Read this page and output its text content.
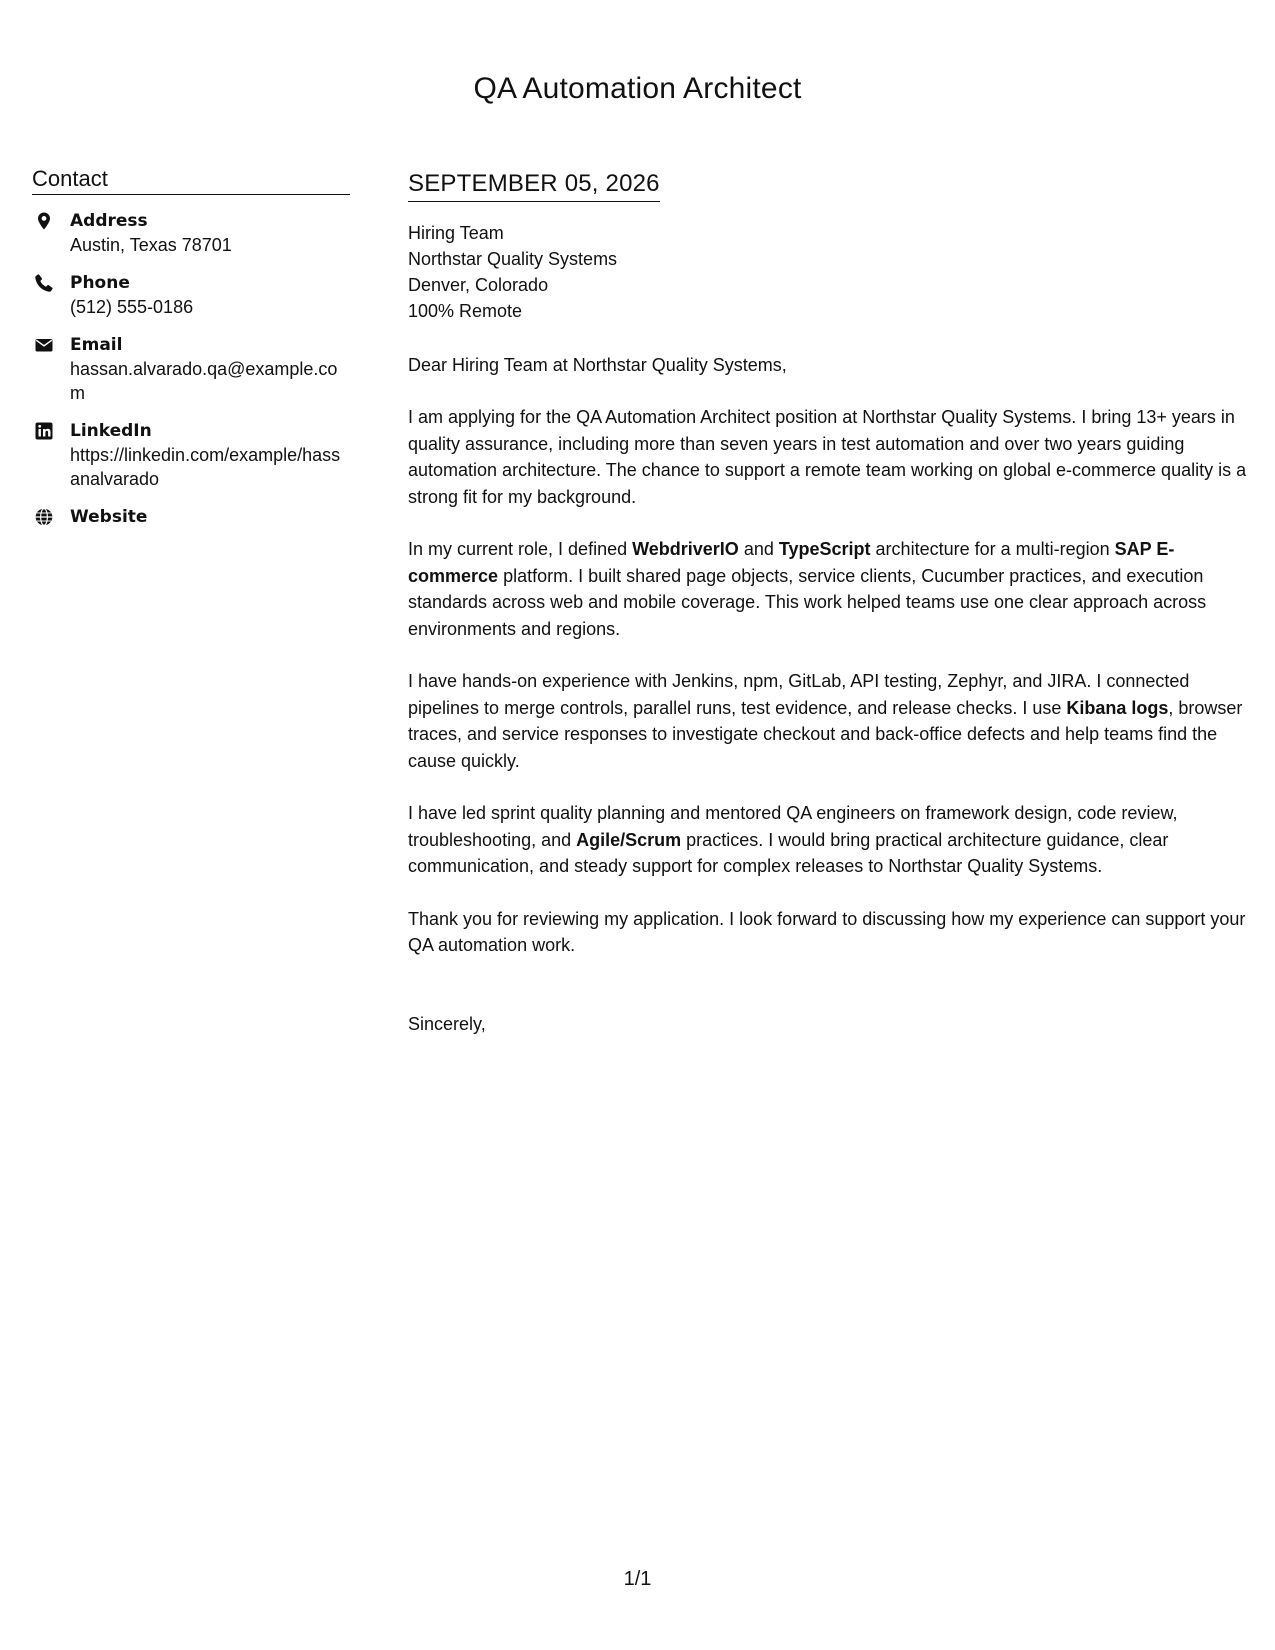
QA Automation Architect
Contact
Address
Austin, Texas 78701
Phone
(512) 555-0186
Email
hassan.alvarado.qa@example.com
LinkedIn
https://linkedin.com/example/hassanalvarado
Website
SEPTEMBER 05, 2026
Hiring Team
Northstar Quality Systems
Denver, Colorado
100% Remote
Dear Hiring Team at Northstar Quality Systems,
I am applying for the QA Automation Architect position at Northstar Quality Systems. I bring 13+ years in quality assurance, including more than seven years in test automation and over two years guiding automation architecture. The chance to support a remote team working on global e-commerce quality is a strong fit for my background.
In my current role, I defined WebdriverIO and TypeScript architecture for a multi-region SAP E-commerce platform. I built shared page objects, service clients, Cucumber practices, and execution standards across web and mobile coverage. This work helped teams use one clear approach across environments and regions.
I have hands-on experience with Jenkins, npm, GitLab, API testing, Zephyr, and JIRA. I connected pipelines to merge controls, parallel runs, test evidence, and release checks. I use Kibana logs, browser traces, and service responses to investigate checkout and back-office defects and help teams find the cause quickly.
I have led sprint quality planning and mentored QA engineers on framework design, code review, troubleshooting, and Agile/Scrum practices. I would bring practical architecture guidance, clear communication, and steady support for complex releases to Northstar Quality Systems.
Thank you for reviewing my application. I look forward to discussing how my experience can support your QA automation work.
Sincerely,
1/1
